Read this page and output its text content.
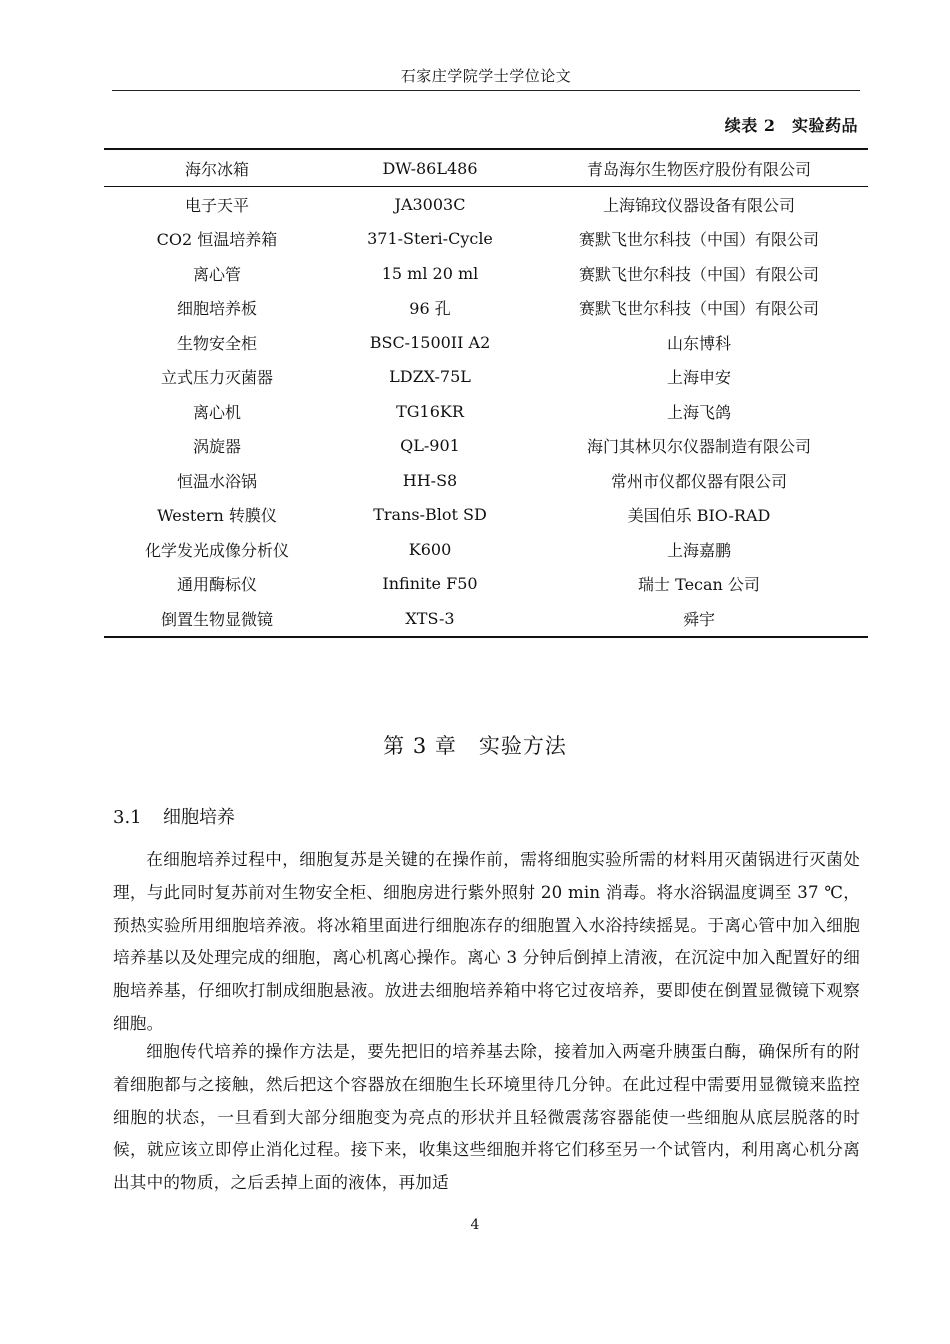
石家庄学院学士学位论文
续表 2　实验药品
海尔冰箱	DW-86L486	青岛海尔生物医疗股份有限公司
电子天平	JA3003C	上海锦玟仪器设备有限公司
CO2 恒温培养箱	371-Steri-Cycle	赛默飞世尔科技（中国）有限公司
离心管	15 ml 20 ml	赛默飞世尔科技（中国）有限公司
细胞培养板	96 孔	赛默飞世尔科技（中国）有限公司
生物安全柜	BSC-1500II A2	山东博科
立式压力灭菌器	LDZX-75L	上海申安
离心机	TG16KR	上海飞鸽
涡旋器	QL-901	海门其林贝尔仪器制造有限公司
恒温水浴锅	HH-S8	常州市仪都仪器有限公司
Western 转膜仪	Trans-Blot SD	美国伯乐 BIO-RAD
化学发光成像分析仪	K600	上海嘉鹏
通用酶标仪	Infinite F50	瑞士 Tecan 公司
倒置生物显微镜	XTS-3	舜宇
第 3 章 实验方法
3.1 细胞培养

在细胞培养过程中，细胞复苏是关键的在操作前，需将细胞实验所需的材料用灭菌锅进行灭菌处理，与此同时复苏前对生物安全柜、细胞房进行紫外照射 20 min 消毒。将水浴锅温度调至 37 ℃，预热实验所用细胞培养液。将冰箱里面进行细胞冻存的细胞置入水浴持续摇晃。于离心管中加入细胞培养基以及处理完成的细胞，离心机离心操作。离心 3 分钟后倒掉上清液，在沉淀中加入配置好的细胞培养基，仔细吹打制成细胞悬液。放进去细胞培养箱中将它过夜培养，要即使在倒置显微镜下观察细胞。

细胞传代培养的操作方法是，要先把旧的培养基去除，接着加入两毫升胰蛋白酶，确保所有的附着细胞都与之接触，然后把这个容器放在细胞生长环境里待几分钟。在此过程中需要用显微镜来监控细胞的状态，一旦看到大部分细胞变为亮点的形状并且轻微震荡容器能使一些细胞从底层脱落的时候，就应该立即停止消化过程。接下来，收集这些细胞并将它们移至另一个试管内，利用离心机分离出其中的物质，之后丢掉上面的液体，再加适

4
